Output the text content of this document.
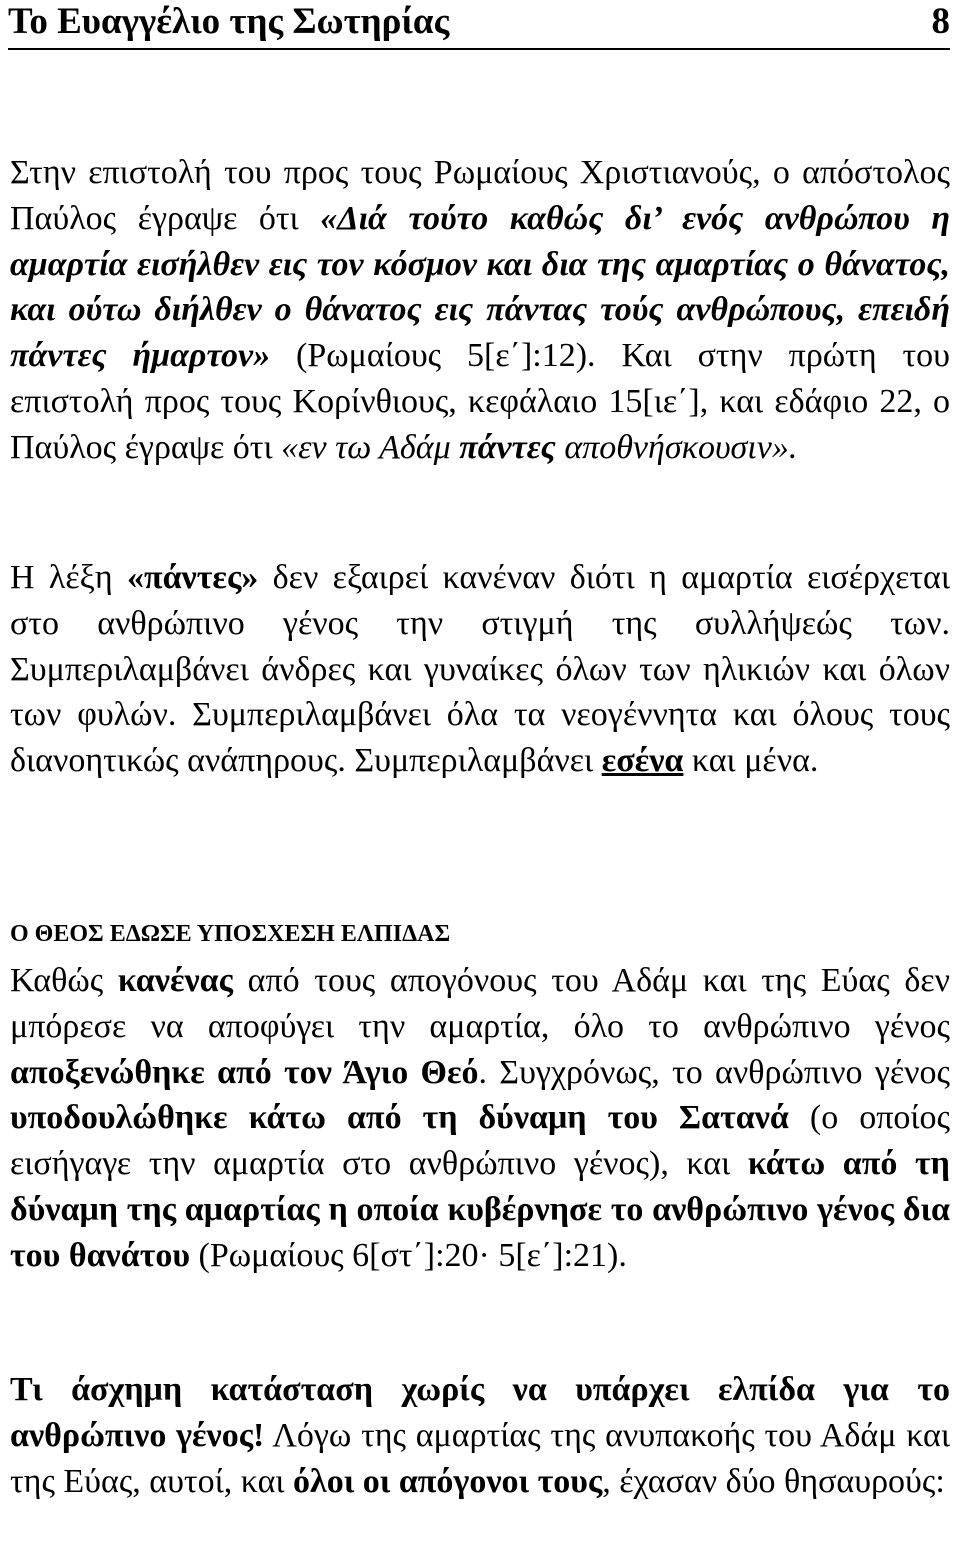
Το Ευαγγέλιο της Σωτηρίας	8

Στην επιστολή του προς τους Ρωμαίους Χριστιανούς, ο απόστολος Παύλος έγραψε ότι «Διά τούτο καθώς δι’ ενός ανθρώπου η αμαρτία εισήλθεν εις τον κόσμον και δια της αμαρτίας ο θάνατος, και ούτω διήλθεν ο θάνατος εις πάντας τούς ανθρώπους, επειδή πάντες ήμαρτον» (Ρωμαίους 5[ε΄]:12). Και στην πρώτη του επιστολή προς τους Κορίνθιους, κεφάλαιο 15[ιε΄], και εδάφιο 22, ο Παύλος έγραψε ότι «εν τω Αδάμ πάντες αποθνήσκουσιν».

Η λέξη «πάντες» δεν εξαιρεί κανέναν διότι η αμαρτία εισέρχεται στο ανθρώπινο γένος την στιγμή της συλλήψεώς των. Συμπεριλαμβάνει άνδρες και γυναίκες όλων των ηλικιών και όλων των φυλών. Συμπεριλαμβάνει όλα τα νεογέννητα και όλους τους διανοητικώς ανάπηρους. Συμπεριλαμβάνει εσένα και μένα.

Ο ΘΕΟΣ ΕΔΩΣΕ ΥΠΟΣΧΕΣΗ ΕΛΠΙΔΑΣ

Καθώς κανένας από τους απογόνους του Αδάμ και της Εύας δεν μπόρεσε να αποφύγει την αμαρτία, όλο το ανθρώπινο γένος αποξενώθηκε από τον Άγιο Θεό. Συγχρόνως, το ανθρώπινο γένος υποδουλώθηκε κάτω από τη δύναμη του Σατανά (ο οποίος εισήγαγε την αμαρτία στο ανθρώπινο γένος), και κάτω από τη δύναμη της αμαρτίας η οποία κυβέρνησε το ανθρώπινο γένος δια του θανάτου (Ρωμαίους 6[στ΄]:20· 5[ε΄]:21).

Τι άσχημη κατάσταση χωρίς να υπάρχει ελπίδα για το ανθρώπινο γένος! Λόγω της αμαρτίας της ανυπακοής του Αδάμ και της Εύας, αυτοί, και όλοι οι απόγονοι τους, έχασαν δύο θησαυρούς:
